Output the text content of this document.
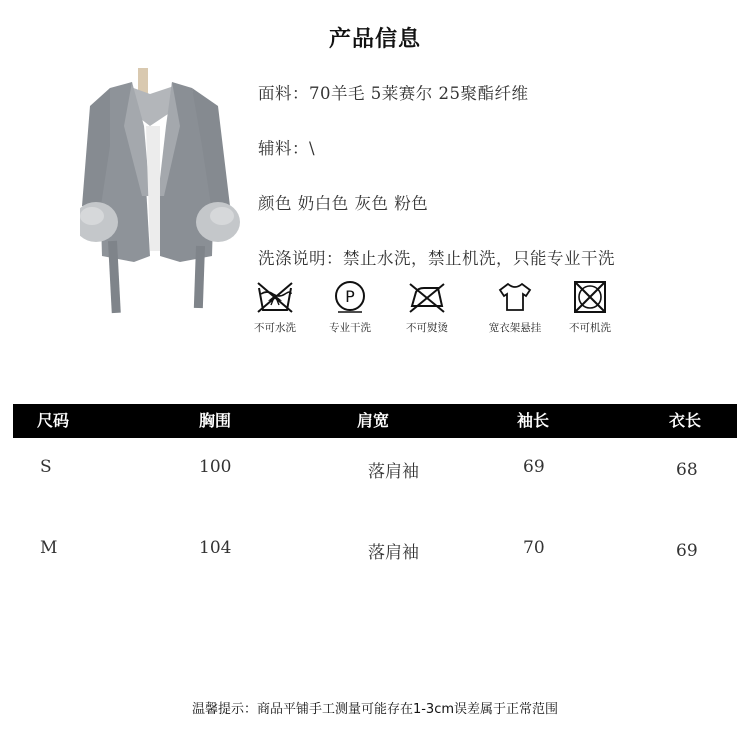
产品信息
面料：70羊毛 5莱赛尔 25聚酯纤维
辅料：\
颜色 奶白色 灰色 粉色
洗涤说明：禁止水洗，禁止机洗，只能专业干洗
不可水洗
P
专业干洗	不可熨烫	宽衣架悬挂	不可机洗
尺码	胸围	肩宽	袖长	衣长
S	100	落肩袖	69	68
M	104	落肩袖	70	69
温馨提示：商品平铺手工测量可能存在1-3cm误差属于正常范围
